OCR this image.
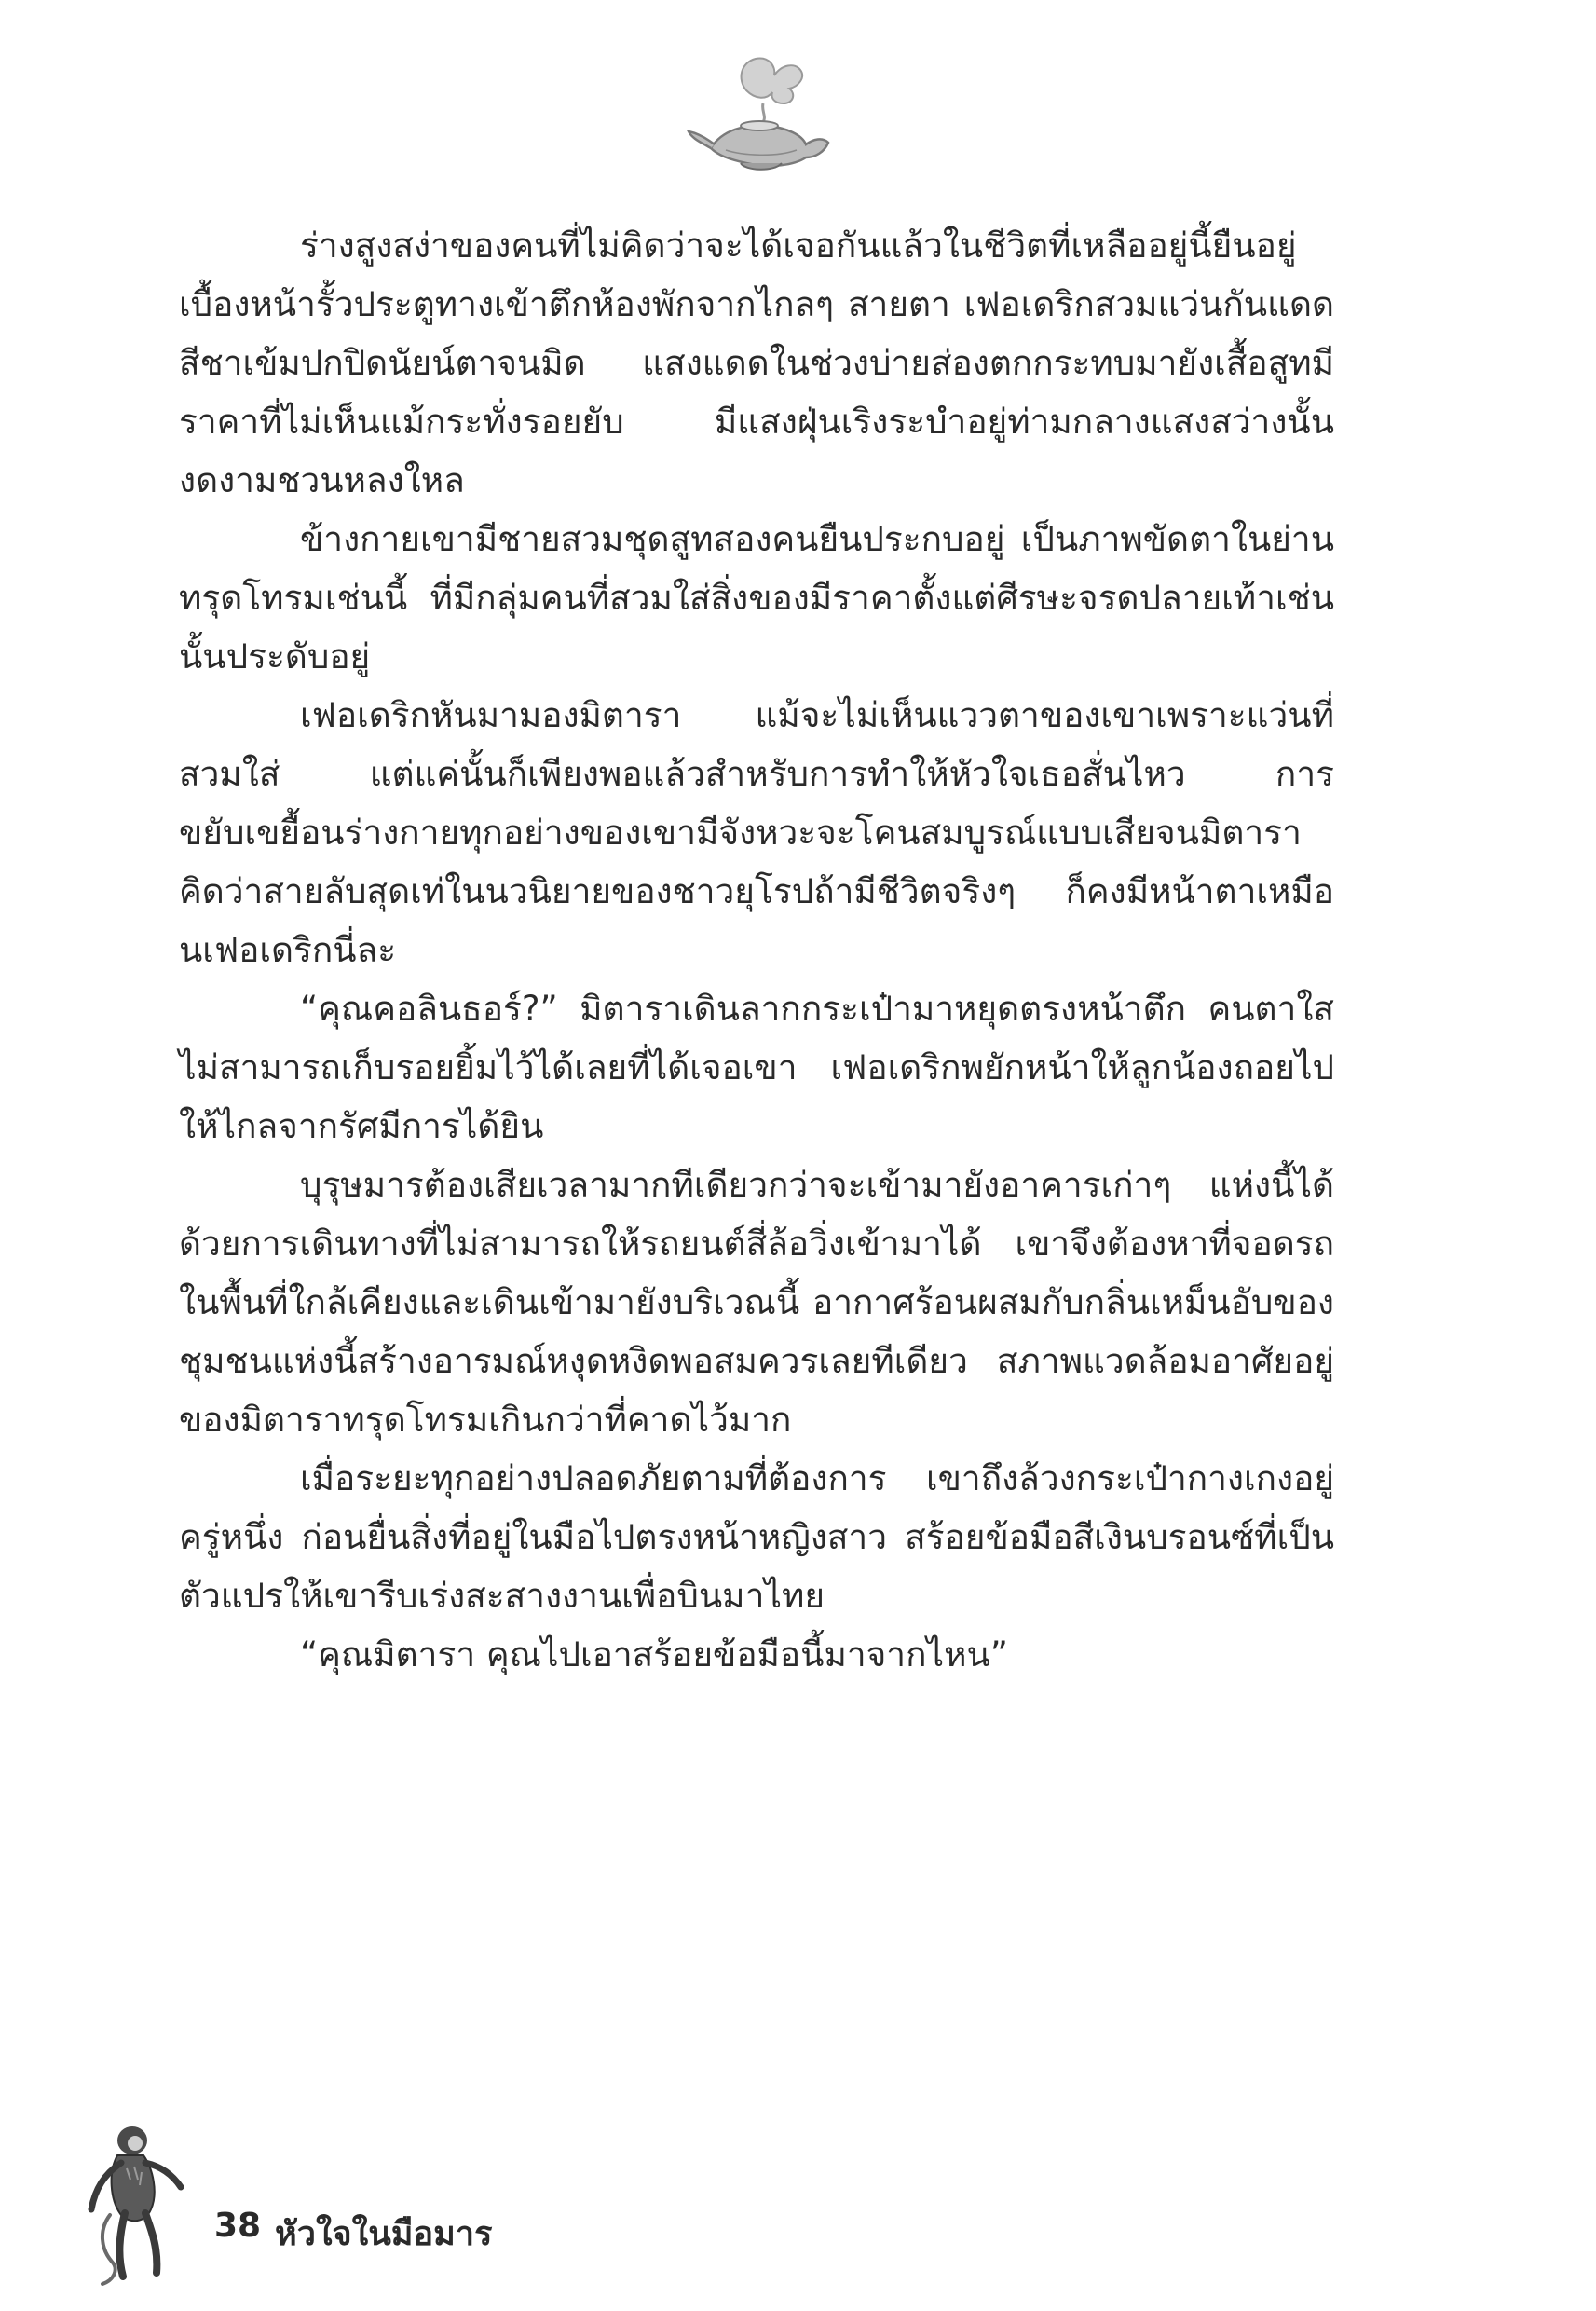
ร่างสูงสง่าของคนที่ไม่คิดว่าจะได้เจอกันแล้วในชีวิตที่เหลืออยู่นี้ยืนอยู่เบื้องหน้ารั้วประตูทางเข้าตึกห้องพักจากไกลๆ สายตา เฟอเดริกสวมแว่นกันแดดสีชาเข้มปกปิดนัยน์ตาจนมิด แสงแดดในช่วงบ่ายส่องตกกระทบมายังเสื้อสูทมีราคาที่ไม่เห็นแม้กระทั่งรอยยับ มีแสงฝุ่นเริงระบำอยู่ท่ามกลางแสงสว่างนั้นงดงามชวนหลงใหล

ข้างกายเขามีชายสวมชุดสูทสองคนยืนประกบอยู่ เป็นภาพขัดตาในย่านทรุดโทรมเช่นนี้ ที่มีกลุ่มคนที่สวมใส่สิ่งของมีราคาตั้งแต่ศีรษะจรดปลายเท้าเช่นนั้นประดับอยู่

เฟอเดริกหันมามองมิตารา แม้จะไม่เห็นแววตาของเขาเพราะแว่นที่สวมใส่ แต่แค่นั้นก็เพียงพอแล้วสำหรับการทำให้หัวใจเธอสั่นไหว การขยับเขยื้อนร่างกายทุกอย่างของเขามีจังหวะจะโคนสมบูรณ์แบบเสียจนมิตาราคิดว่าสายลับสุดเท่ในนวนิยายของชาวยุโรปถ้ามีชีวิตจริงๆ ก็คงมีหน้าตาเหมือนเฟอเดริกนี่ละ

“คุณคอลินธอร์?” มิตาราเดินลากกระเป๋ามาหยุดตรงหน้าตึก คนตาใสไม่สามารถเก็บรอยยิ้มไว้ได้เลยที่ได้เจอเขา เฟอเดริกพยักหน้าให้ลูกน้องถอยไปให้ไกลจากรัศมีการได้ยิน

บุรุษมารต้องเสียเวลามากทีเดียวกว่าจะเข้ามายังอาคารเก่าๆ แห่งนี้ได้ด้วยการเดินทางที่ไม่สามารถให้รถยนต์สี่ล้อวิ่งเข้ามาได้ เขาจึงต้องหาที่จอดรถในพื้นที่ใกล้เคียงและเดินเข้ามายังบริเวณนี้ อากาศร้อนผสมกับกลิ่นเหม็นอับของชุมชนแห่งนี้สร้างอารมณ์หงุดหงิดพอสมควรเลยทีเดียว สภาพแวดล้อมอาศัยอยู่ของมิตาราทรุดโทรมเกินกว่าที่คาดไว้มาก

เมื่อระยะทุกอย่างปลอดภัยตามที่ต้องการ เขาถึงล้วงกระเป๋ากางเกงอยู่ครู่หนึ่ง ก่อนยื่นสิ่งที่อยู่ในมือไปตรงหน้าหญิงสาว สร้อยข้อมือสีเงินบรอนซ์ที่เป็นตัวแปรให้เขารีบเร่งสะสางงานเพื่อบินมาไทย

“คุณมิตารา คุณไปเอาสร้อยข้อมือนี้มาจากไหน”

38 หัวใจในมือมาร
